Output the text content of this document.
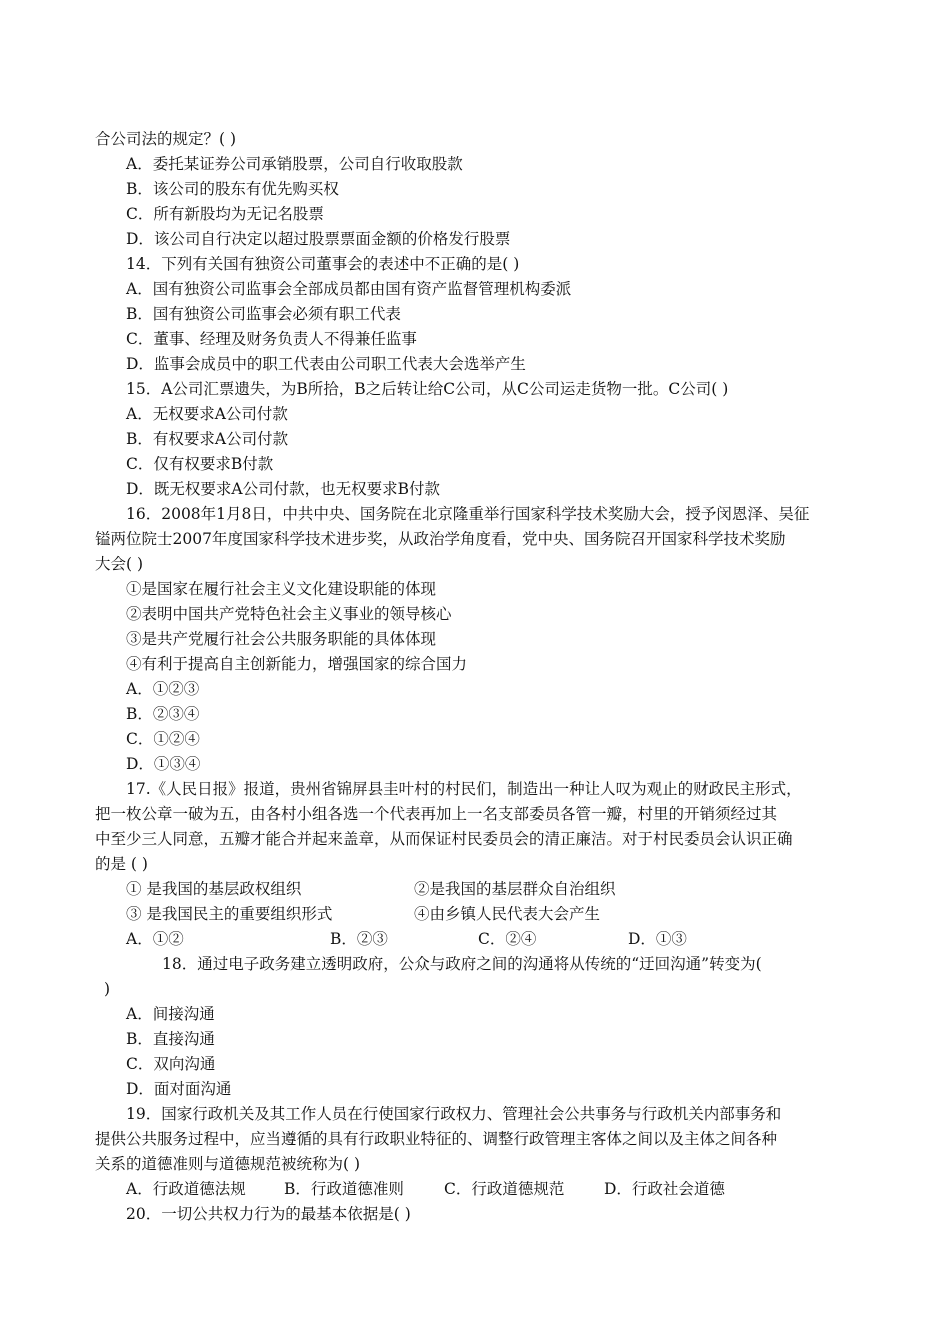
合公司法的规定？( )
A．委托某证券公司承销股票，公司自行收取股款
B．该公司的股东有优先购买权
C．所有新股均为无记名股票
D．该公司自行决定以超过股票票面金额的价格发行股票
14．下列有关国有独资公司董事会的表述中不正确的是( )
A．国有独资公司监事会全部成员都由国有资产监督管理机构委派
B．国有独资公司监事会必须有职工代表
C．董事、经理及财务负责人不得兼任监事
D．监事会成员中的职工代表由公司职工代表大会选举产生
15．A公司汇票遗失，为B所拾，B之后转让给C公司，从C公司运走货物一批。C公司( )
A．无权要求A公司付款
B．有权要求A公司付款
C．仅有权要求B付款
D．既无权要求A公司付款，也无权要求B付款
16．2008年1月8日，中共中央、国务院在北京隆重举行国家科学技术奖励大会，授予闵恩泽、吴征
镒两位院士2007年度国家科学技术进步奖，从政治学角度看，党中央、国务院召开国家科学技术奖励
大会( )
①是国家在履行社会主义文化建设职能的体现
②表明中国共产党特色社会主义事业的领导核心
③是共产党履行社会公共服务职能的具体体现
④有利于提高自主创新能力，增强国家的综合国力
A．①②③
B．②③④
C．①②④
D．①③④
17.《人民日报》报道，贵州省锦屏县圭叶村的村民们，制造出一种让人叹为观止的财政民主形式，
把一枚公章一破为五，由各村小组各选一个代表再加上一名支部委员各管一瓣，村里的开销须经过其
中至少三人同意，五瓣才能合并起来盖章，从而保证村民委员会的清正廉洁。对于村民委员会认识正确
的是 ( )
① 是我国的基层政权组织	②是我国的基层群众自治组织
③ 是我国民主的重要组织形式	④由乡镇人民代表大会产生
A．①②	B．②③	C．②④	D．①③
18．通过电子政务建立透明政府，公众与政府之间的沟通将从传统的“迂回沟通”转变为(
)
A．间接沟通
B．直接沟通
C．双向沟通
D．面对面沟通
19．国家行政机关及其工作人员在行使国家行政权力、管理社会公共事务与行政机关内部事务和
提供公共服务过程中，应当遵循的具有行政职业特征的、调整行政管理主客体之间以及主体之间各种
关系的道德准则与道德规范被统称为( )
A．行政道德法规 B．行政道德准则	C．行政道德规范	D．行政社会道德
20．一切公共权力行为的最基本依据是( )
